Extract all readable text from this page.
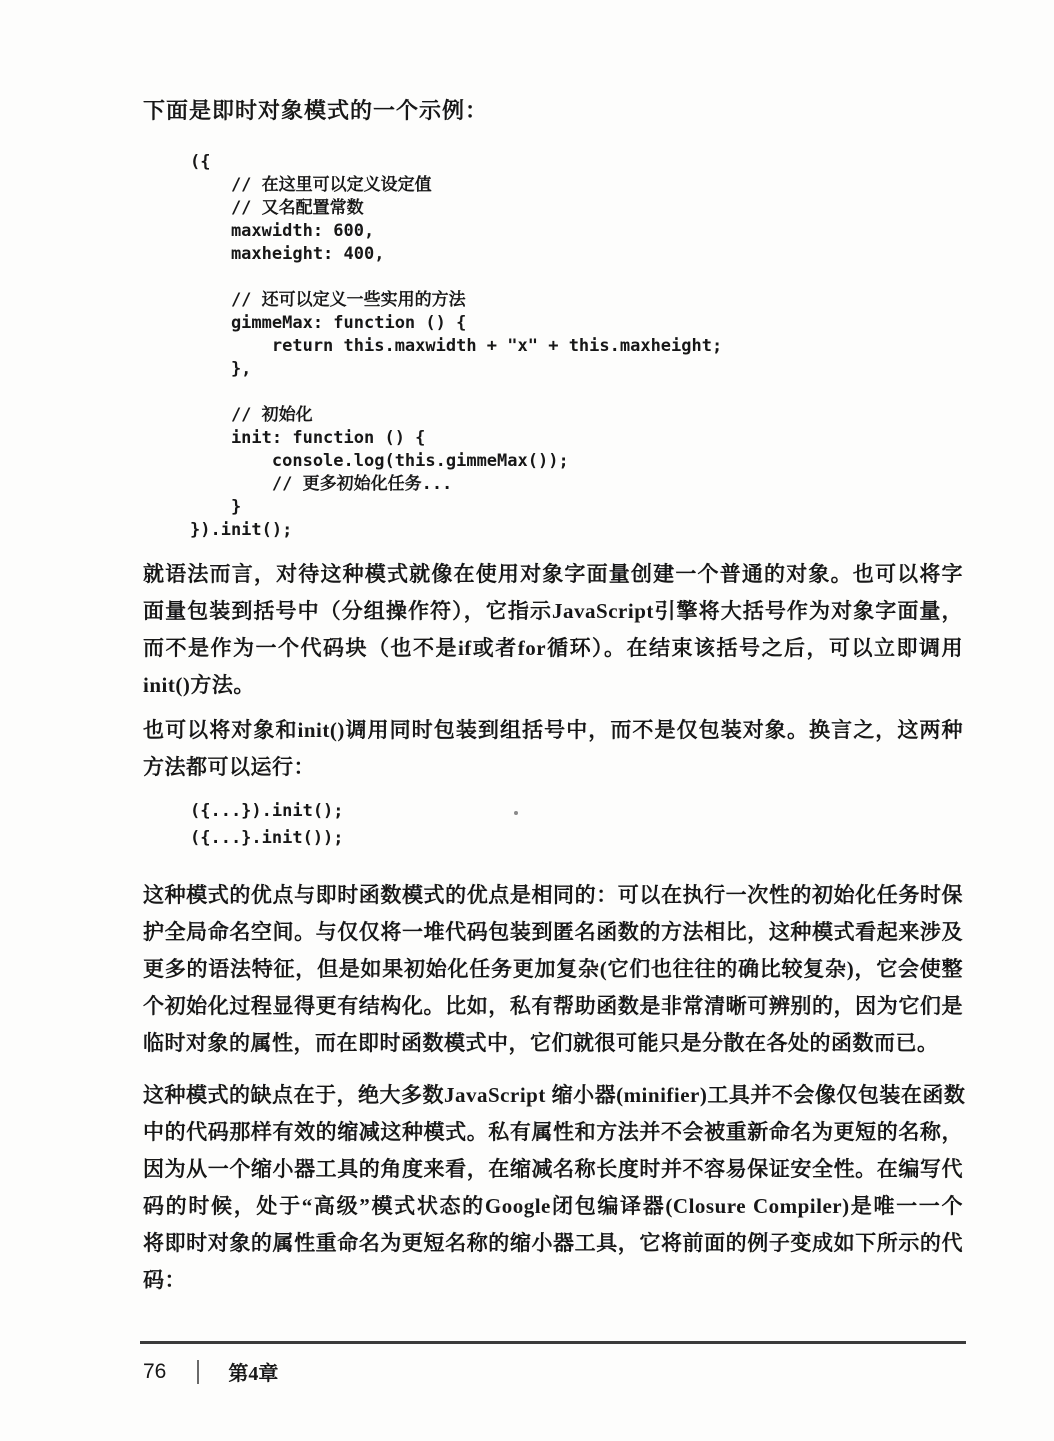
下面是即时对象模式的一个示例：
({
// 在这里可以定义设定值
// 又名配置常数
maxwidth: 600,
maxheight: 400,
// 还可以定义一些实用的方法
gimmeMax: function () {
return this.maxwidth + "x" + this.maxheight;
},
// 初始化
init: function () {
console.log(this.gimmeMax());
// 更多初始化任务...
}
}).init();
就语法而言，对待这种模式就像在使用对象字面量创建一个普通的对象。也可以将字
面量包装到括号中（分组操作符），它指示JavaScript引擎将大括号作为对象字面量，
而不是作为一个代码块（也不是if或者for循环）。在结束该括号之后，可以立即调用
init()方法。
也可以将对象和init()调用同时包装到组括号中，而不是仅包装对象。换言之，这两种
方法都可以运行：
({...}).init();
({...}.init());
这种模式的优点与即时函数模式的优点是相同的：可以在执行一次性的初始化任务时保
护全局命名空间。与仅仅将一堆代码包装到匿名函数的方法相比，这种模式看起来涉及
更多的语法特征，但是如果初始化任务更加复杂(它们也往往的确比较复杂)，它会使整
个初始化过程显得更有结构化。比如，私有帮助函数是非常清晰可辨别的，因为它们是
临时对象的属性，而在即时函数模式中，它们就很可能只是分散在各处的函数而已。
这种模式的缺点在于，绝大多数JavaScript 缩小器(minifier)工具并不会像仅包装在函数
中的代码那样有效的缩减这种模式。私有属性和方法并不会被重新命名为更短的名称，
因为从一个缩小器工具的角度来看，在缩减名称长度时并不容易保证安全性。在编写代
码的时候，处于“高级”模式状态的Google闭包编译器(Closure Compiler)是唯一一个
将即时对象的属性重命名为更短名称的缩小器工具，它将前面的例子变成如下所示的代
码：
76	第4章
